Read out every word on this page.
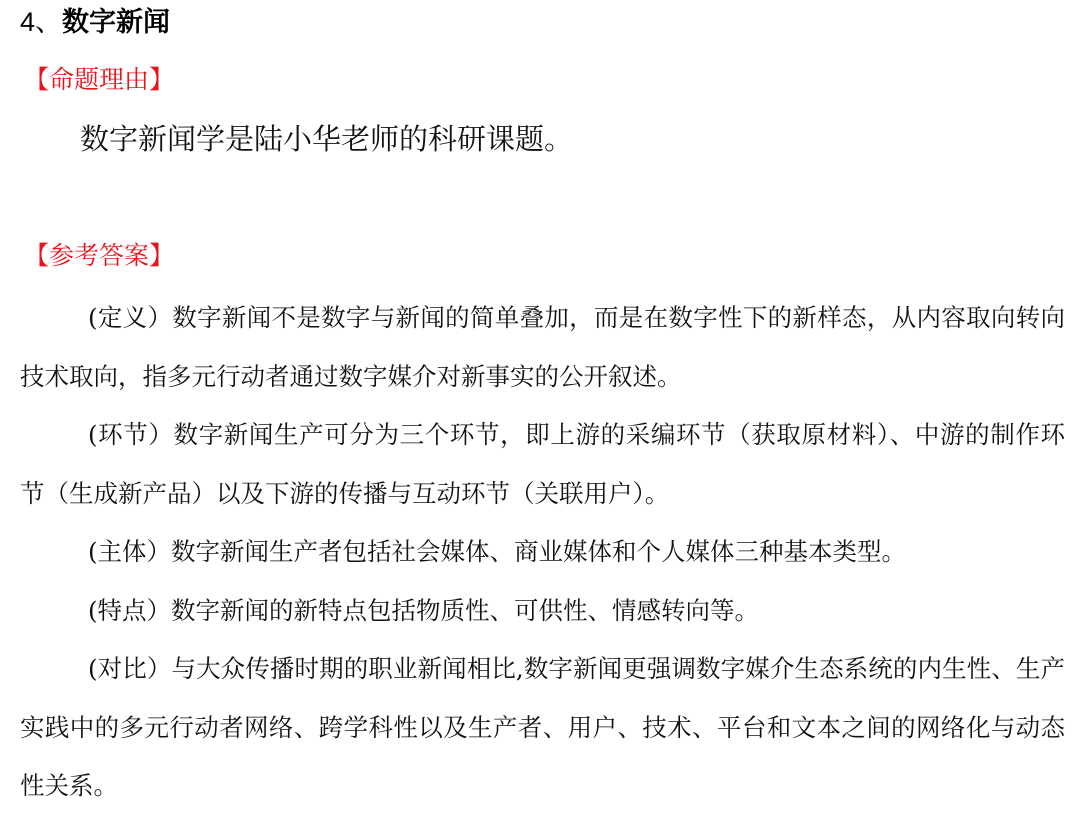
4、数字新闻
【命题理由】
数字新闻学是陆小华老师的科研课题。
【参考答案】

(定义）数字新闻不是数字与新闻的简单叠加，而是在数字性下的新样态，从内容取向转向技术取向，指多元行动者通过数字媒介对新事实的公开叙述。

(环节）数字新闻生产可分为三个环节，即上游的采编环节（获取原材料）、中游的制作环节（生成新产品）以及下游的传播与互动环节（关联用户）。

(主体）数字新闻生产者包括社会媒体、商业媒体和个人媒体三种基本类型。

(特点）数字新闻的新特点包括物质性、可供性、情感转向等。

(对比）与大众传播时期的职业新闻相比,数字新闻更强调数字媒介生态系统的内生性、生产实践中的多元行动者网络、跨学科性以及生产者、用户、技术、平台和文本之间的网络化与动态性关系。
